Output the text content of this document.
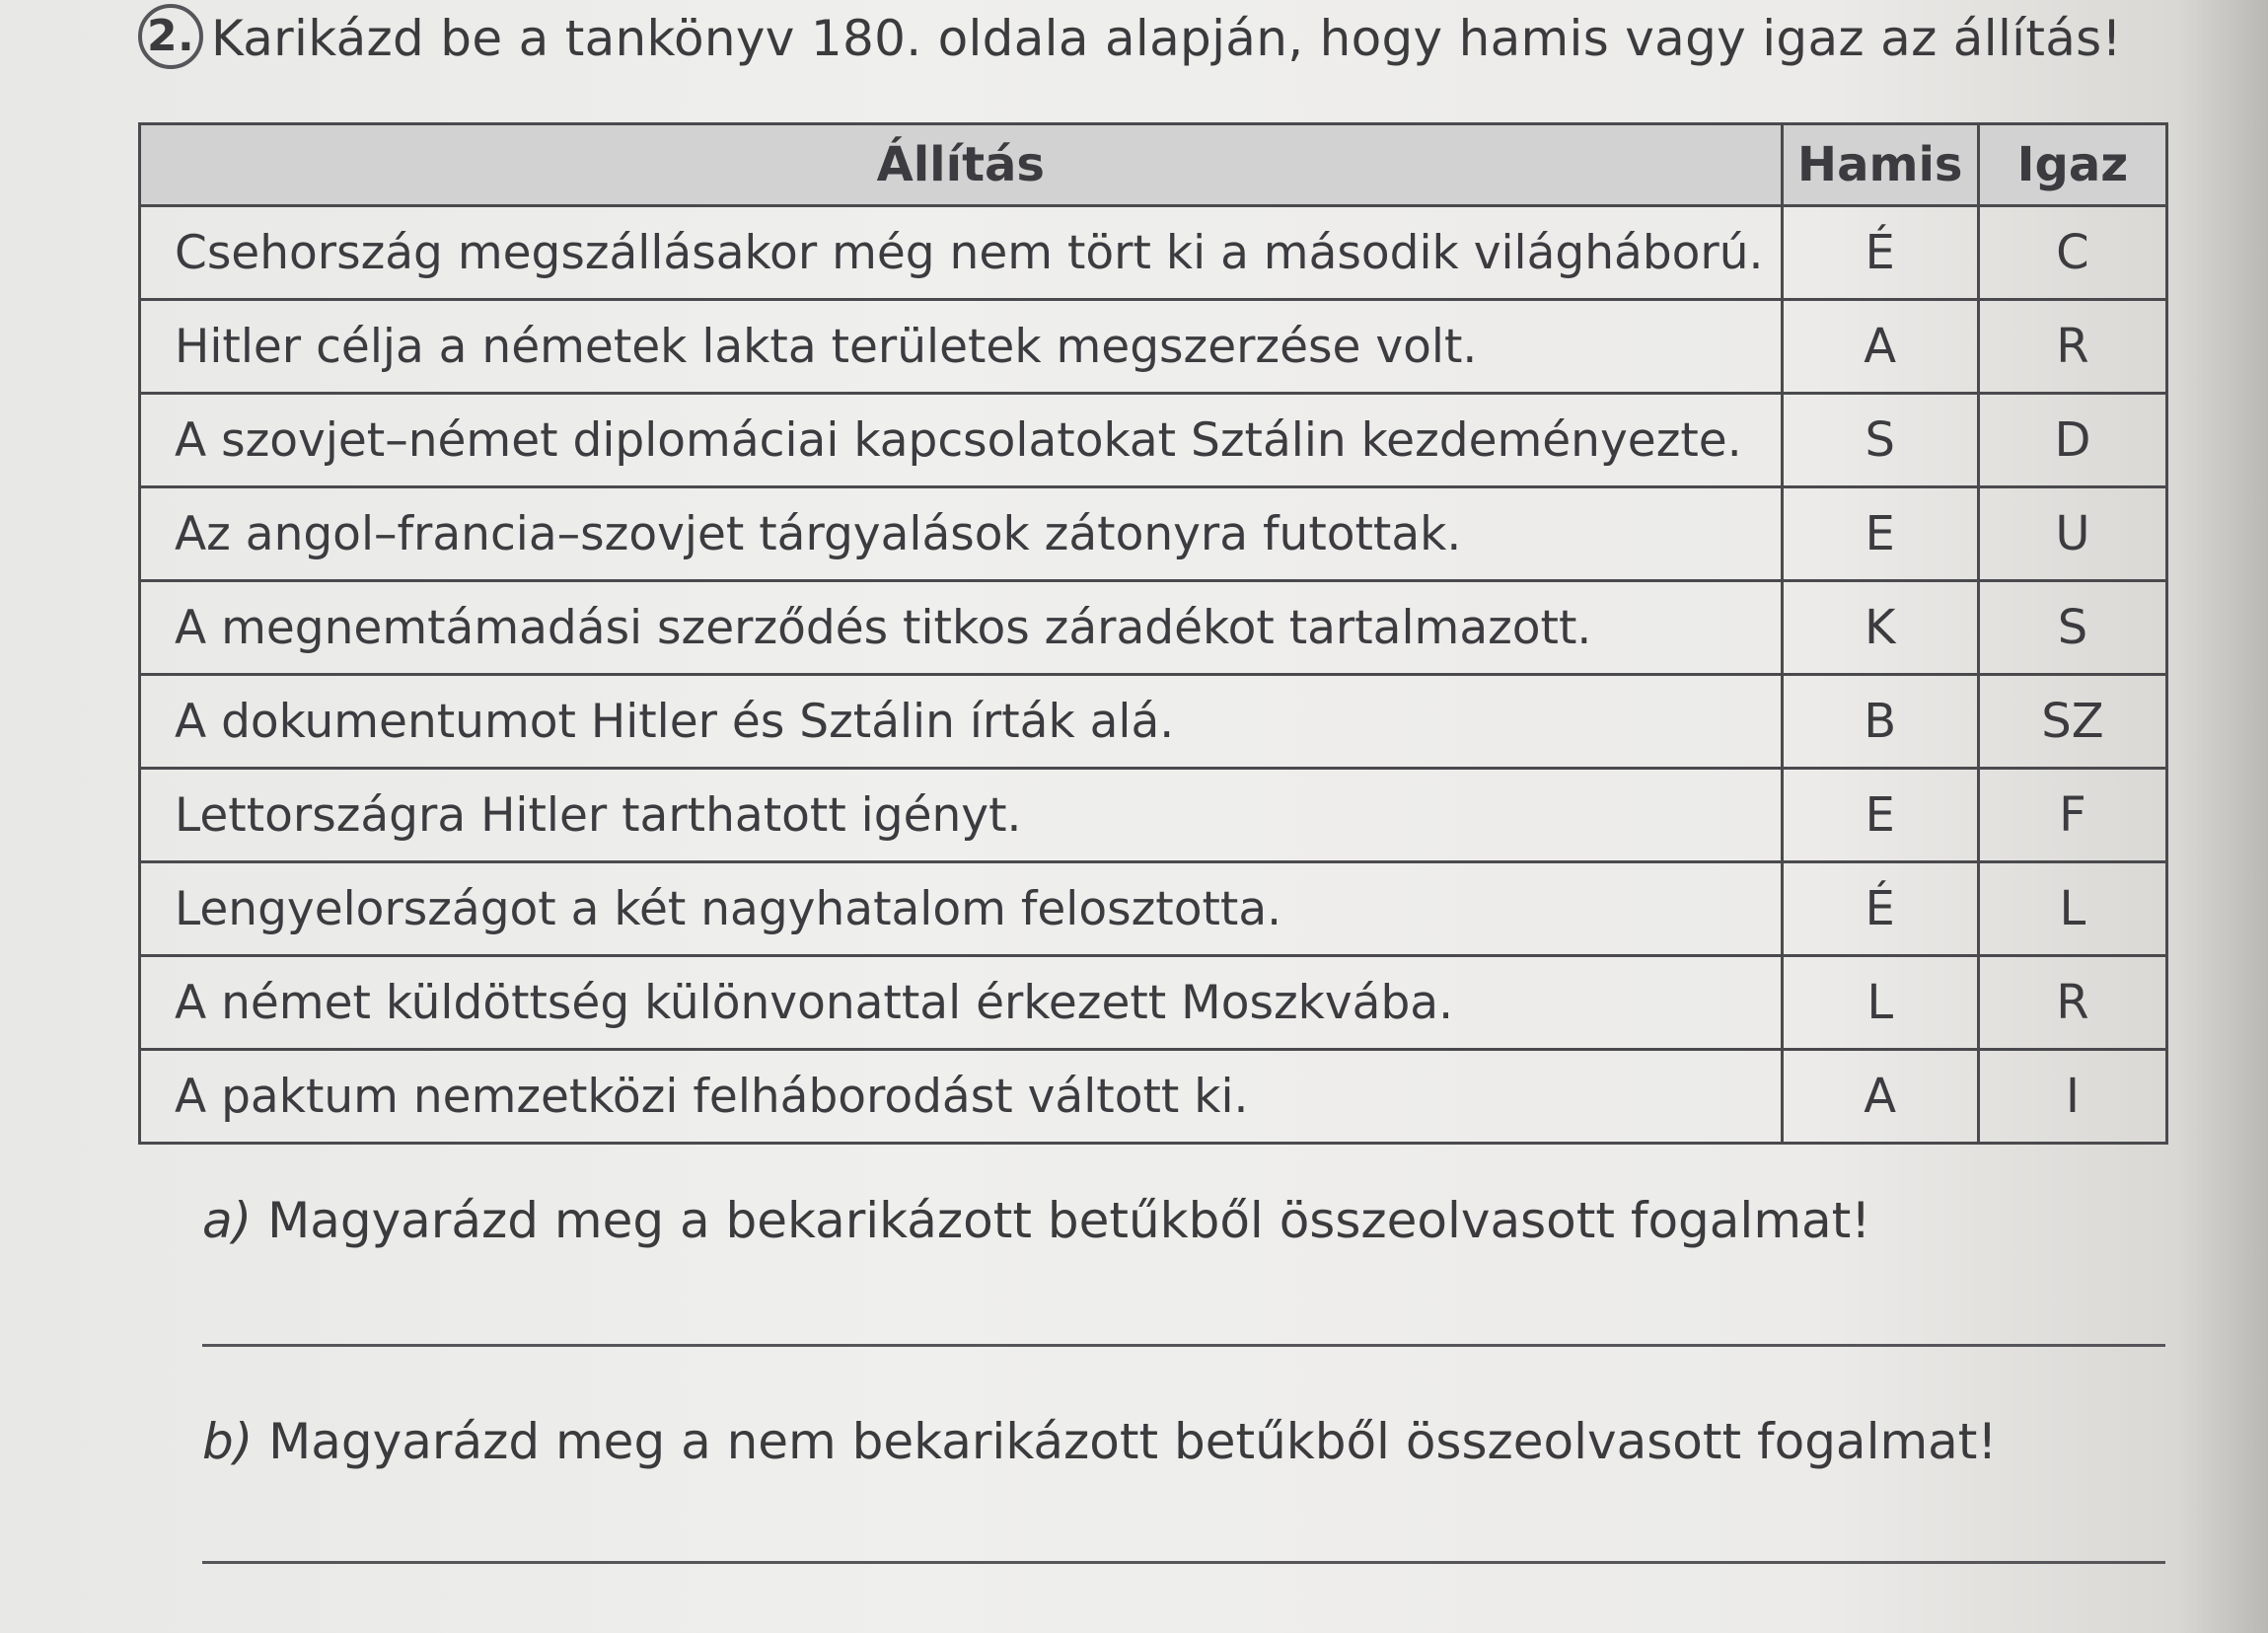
2. Karikázd be a tankönyv 180. oldala alapján, hogy hamis vagy igaz az állítás!
Állítás	Hamis	Igaz
Csehország megszállásakor még nem tört ki a második világháború.	É	C
Hitler célja a németek lakta területek megszerzése volt.	A	R
A szovjet–német diplomáciai kapcsolatokat Sztálin kezdeményezte.	S	D
Az angol–francia–szovjet tárgyalások zátonyra futottak.	E	U
A megnemtámadási szerződés titkos záradékot tartalmazott.	K	S
A dokumentumot Hitler és Sztálin írták alá.	B	SZ
Lettországra Hitler tarthatott igényt.	E	F
Lengyelországot a két nagyhatalom felosztotta.	É	L
A német küldöttség különvonattal érkezett Moszkvába.	L	R
A paktum nemzetközi felháborodást váltott ki.	A	I
a) Magyarázd meg a bekarikázott betűkből összeolvasott fogalmat!
b) Magyarázd meg a nem bekarikázott betűkből összeolvasott fogalmat!
